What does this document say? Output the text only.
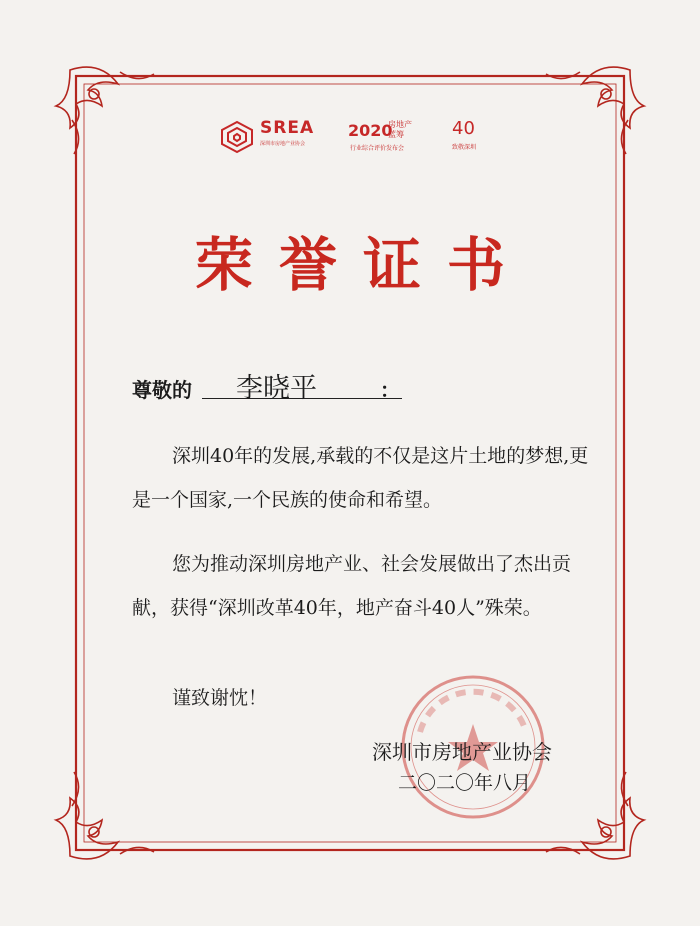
SREA
深圳市房地产业协会
2020
房地产
蓝筹
行业综合评价发布会
40
致敬深圳
荣誉证书
尊敬的 李晓平	：
深圳40年的发展,承载的不仅是这片土地的梦想,更是一个国家,一个民族的使命和希望。
您为推动深圳房地产业、社会发展做出了杰出贡献，获得“深圳改革40年，地产奋斗40人”殊荣。
谨致谢忱！
深圳市房地产业协会
二〇二〇年八月
